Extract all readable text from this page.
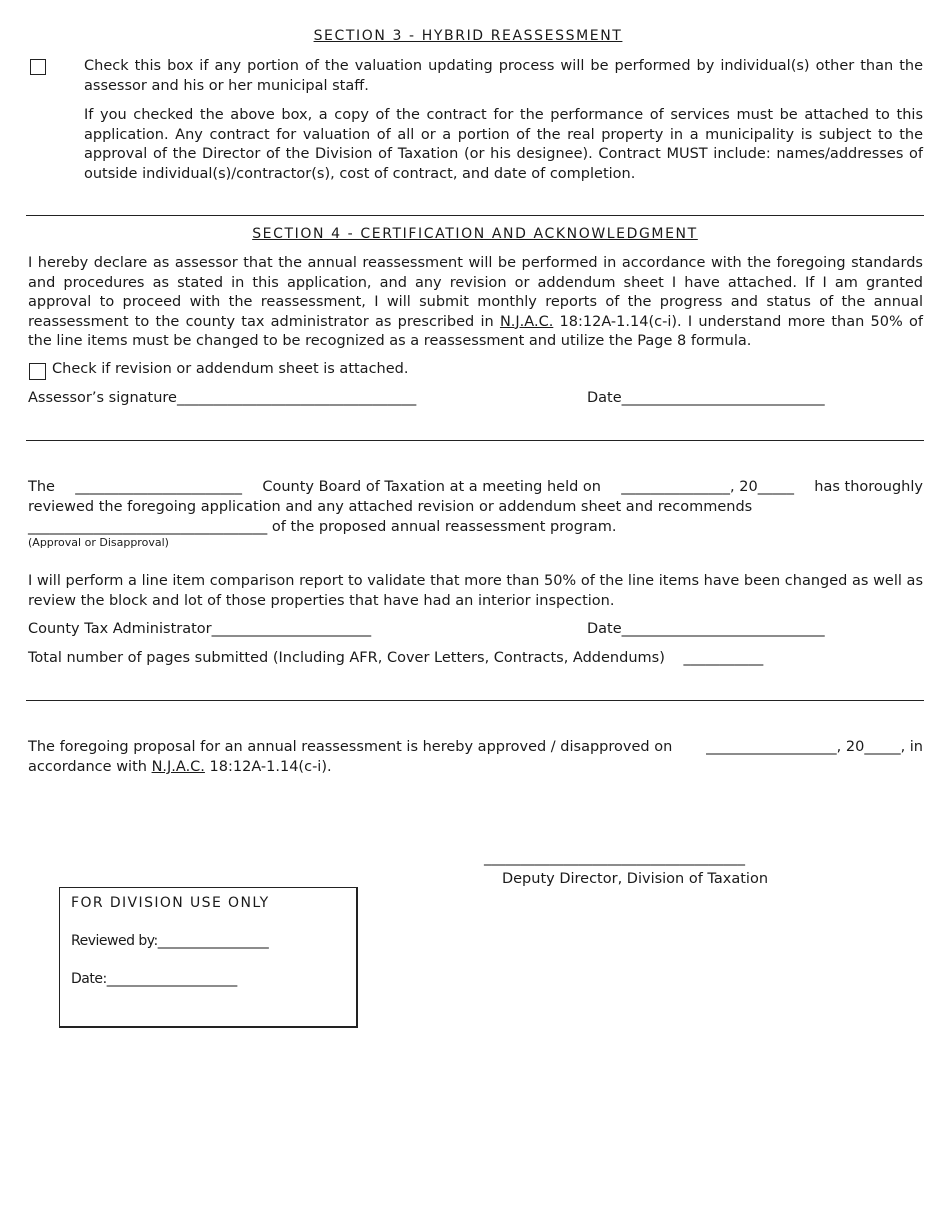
SECTION 3 - HYBRID REASSESSMENT
Check this box if any portion of the valuation updating process will be performed by individual(s) other than the assessor and his or her municipal staff.
If you checked the above box, a copy of the contract for the performance of services must be attached to this application. Any contract for valuation of all or a portion of the real property in a municipality is subject to the approval of the Director of the Division of Taxation (or his designee). Contract MUST include: names/addresses of outside individual(s)/contractor(s), cost of contract, and date of completion.
SECTION 4 - CERTIFICATION AND ACKNOWLEDGMENT
I hereby declare as assessor that the annual reassessment will be performed in accordance with the foregoing standards and procedures as stated in this application, and any revision or addendum sheet I have attached. If I am granted approval to proceed with the reassessment, I will submit monthly reports of the progress and status of the annual reassessment to the county tax administrator as prescribed in N.J.A.C. 18:12A-1.14(c-i). I understand more than 50% of the line items must be changed to be recognized as a reassessment and utilize the Page 8 formula.
Check if revision or addendum sheet is attached.
Assessor’s signature_________________________________	Date____________________________
The _______________________ County Board of Taxation at a meeting held on _______________, 20_____ has thoroughly
reviewed the foregoing application and any attached revision or addendum sheet and recommends
_________________________________ of the proposed annual reassessment program.
(Approval or Disapproval)
I will perform a line item comparison report to validate that more than 50% of the line items have been changed as well as review the block and lot of those properties that have had an interior inspection.
County Tax Administrator______________________	Date____________________________
Total number of pages submitted (Including AFR, Cover Letters, Contracts, Addendums) ___________
The foregoing proposal for an annual reassessment is hereby approved / disapproved on __________________, 20_____, in
accordance with N.J.A.C. 18:12A-1.14(c-i).
____________________________________
Deputy Director, Division of Taxation
FOR DIVISION USE ONLY
Reviewed by:_________________
Date:____________________
